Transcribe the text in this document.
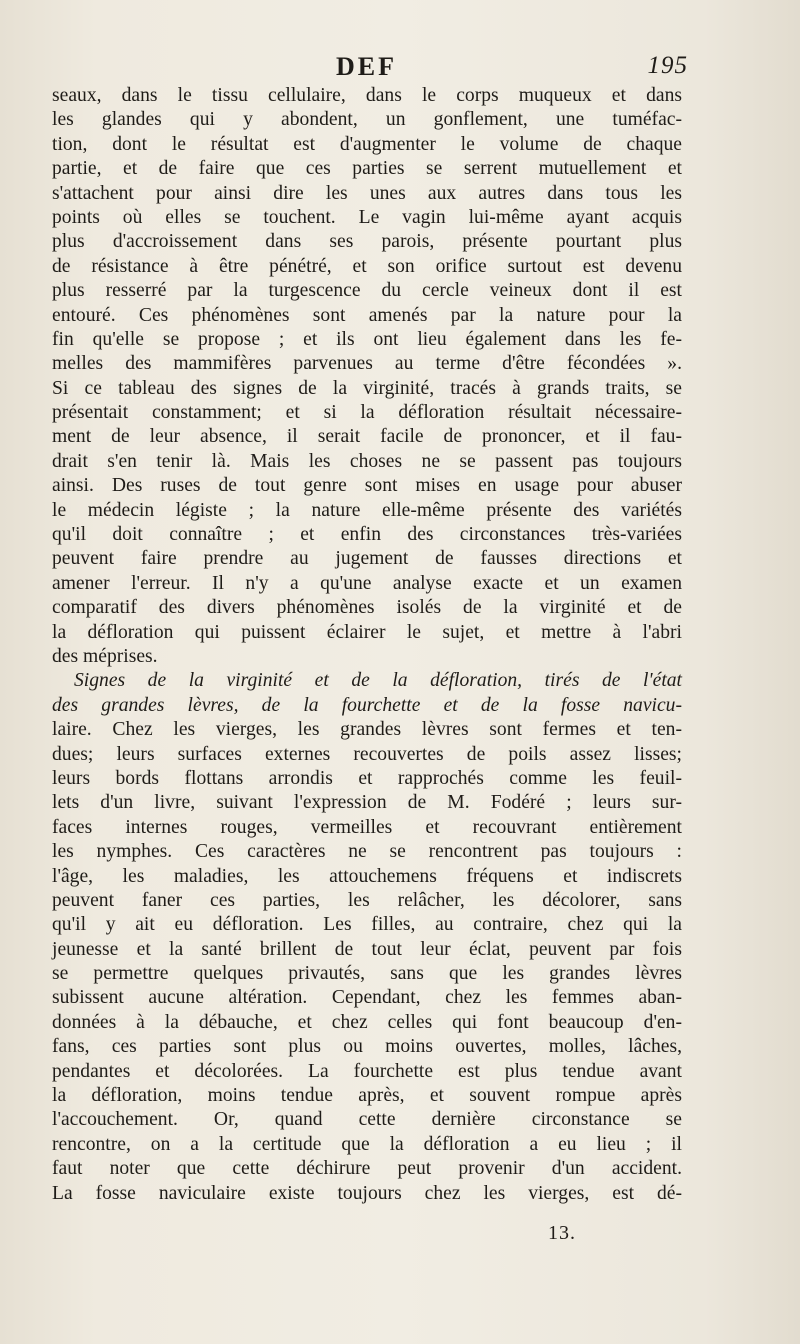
DEF	195
seaux, dans le tissu cellulaire, dans le corps muqueux et dans
les glandes qui y abondent, un gonflement, une tuméfac-
tion, dont le résultat est d'augmenter le volume de chaque
partie, et de faire que ces parties se serrent mutuellement et
s'attachent pour ainsi dire les unes aux autres dans tous les
points où elles se touchent. Le vagin lui-même ayant acquis
plus d'accroissement dans ses parois, présente pourtant plus
de résistance à être pénétré, et son orifice surtout est devenu
plus resserré par la turgescence du cercle veineux dont il est
entouré. Ces phénomènes sont amenés par la nature pour la
fin qu'elle se propose ; et ils ont lieu également dans les fe-
melles des mammifères parvenues au terme d'être fécondées ».
Si ce tableau des signes de la virginité, tracés à grands traits, se
présentait constamment; et si la défloration résultait nécessaire-
ment de leur absence, il serait facile de prononcer, et il fau-
drait s'en tenir là. Mais les choses ne se passent pas toujours
ainsi. Des ruses de tout genre sont mises en usage pour abuser
le médecin légiste ; la nature elle-même présente des variétés
qu'il doit connaître ; et enfin des circonstances très-variées
peuvent faire prendre au jugement de fausses directions et
amener l'erreur. Il n'y a qu'une analyse exacte et un examen
comparatif des divers phénomènes isolés de la virginité et de
la défloration qui puissent éclairer le sujet, et mettre à l'abri
des méprises.
Signes de la virginité et de la défloration, tirés de l'état
des grandes lèvres, de la fourchette et de la fosse navicu-
laire. Chez les vierges, les grandes lèvres sont fermes et ten-
dues; leurs surfaces externes recouvertes de poils assez lisses;
leurs bords flottans arrondis et rapprochés comme les feuil-
lets d'un livre, suivant l'expression de M. Fodéré ; leurs sur-
faces internes rouges, vermeilles et recouvrant entièrement
les nymphes. Ces caractères ne se rencontrent pas toujours :
l'âge, les maladies, les attouchemens fréquens et indiscrets
peuvent faner ces parties, les relâcher, les décolorer, sans
qu'il y ait eu défloration. Les filles, au contraire, chez qui la
jeunesse et la santé brillent de tout leur éclat, peuvent par fois
se permettre quelques privautés, sans que les grandes lèvres
subissent aucune altération. Cependant, chez les femmes aban-
données à la débauche, et chez celles qui font beaucoup d'en-
fans, ces parties sont plus ou moins ouvertes, molles, lâches,
pendantes et décolorées. La fourchette est plus tendue avant
la défloration, moins tendue après, et souvent rompue après
l'accouchement. Or, quand cette dernière circonstance se
rencontre, on a la certitude que la défloration a eu lieu ; il
faut noter que cette déchirure peut provenir d'un accident.
La fosse naviculaire existe toujours chez les vierges, est dé-
13.
